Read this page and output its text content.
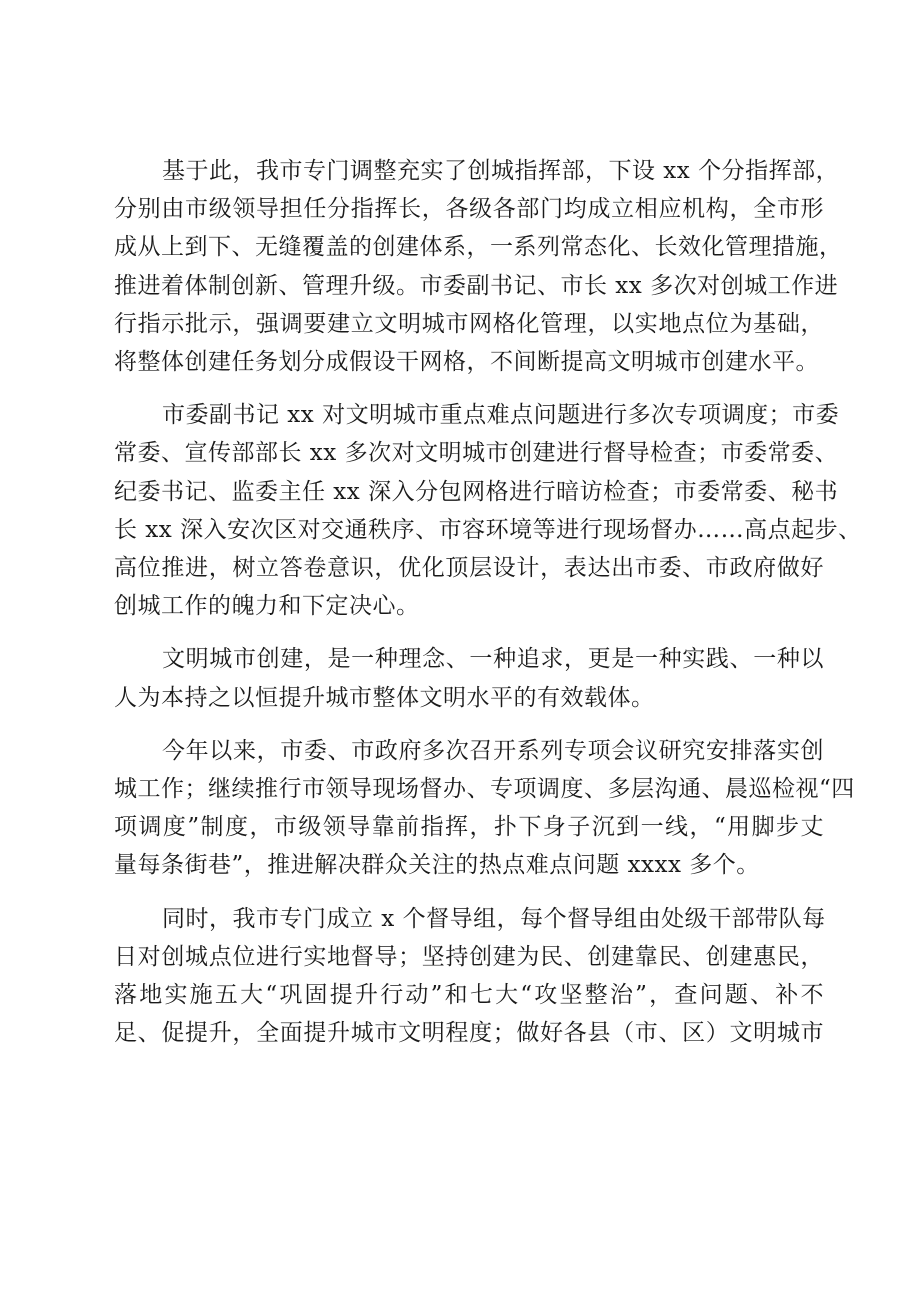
基于此，我市专门调整充实了创城指挥部，下设 xx 个分指挥部，
分别由市级领导担任分指挥长，各级各部门均成立相应机构，全市形
成从上到下、无缝覆盖的创建体系，一系列常态化、长效化管理措施，
推进着体制创新、管理升级。市委副书记、市长 xx 多次对创城工作进
行指示批示，强调要建立文明城市网格化管理，以实地点位为基础，
将整体创建任务划分成假设干网格，不间断提高文明城市创建水平。
市委副书记 xx 对文明城市重点难点问题进行多次专项调度；市委
常委、宣传部部长 xx 多次对文明城市创建进行督导检查；市委常委、
纪委书记、监委主任 xx 深入分包网格进行暗访检查；市委常委、秘书
长 xx 深入安次区对交通秩序、市容环境等进行现场督办……高点起步、
高位推进，树立答卷意识，优化顶层设计，表达出市委、市政府做好
创城工作的魄力和下定决心。
文明城市创建，是一种理念、一种追求，更是一种实践、一种以
人为本持之以恒提升城市整体文明水平的有效载体。
今年以来，市委、市政府多次召开系列专项会议研究安排落实创
城工作；继续推行市领导现场督办、专项调度、多层沟通、晨巡检视“四
项调度”制度，市级领导靠前指挥，扑下身子沉到一线，“用脚步丈
量每条街巷”，推进解决群众关注的热点难点问题 xxxx 多个。
同时，我市专门成立 x 个督导组，每个督导组由处级干部带队每
日对创城点位进行实地督导；坚持创建为民、创建靠民、创建惠民，
落地实施五大“巩固提升行动”和七大“攻坚整治”，查问题、补不
足、促提升，全面提升城市文明程度；做好各县（市、区）文明城市
